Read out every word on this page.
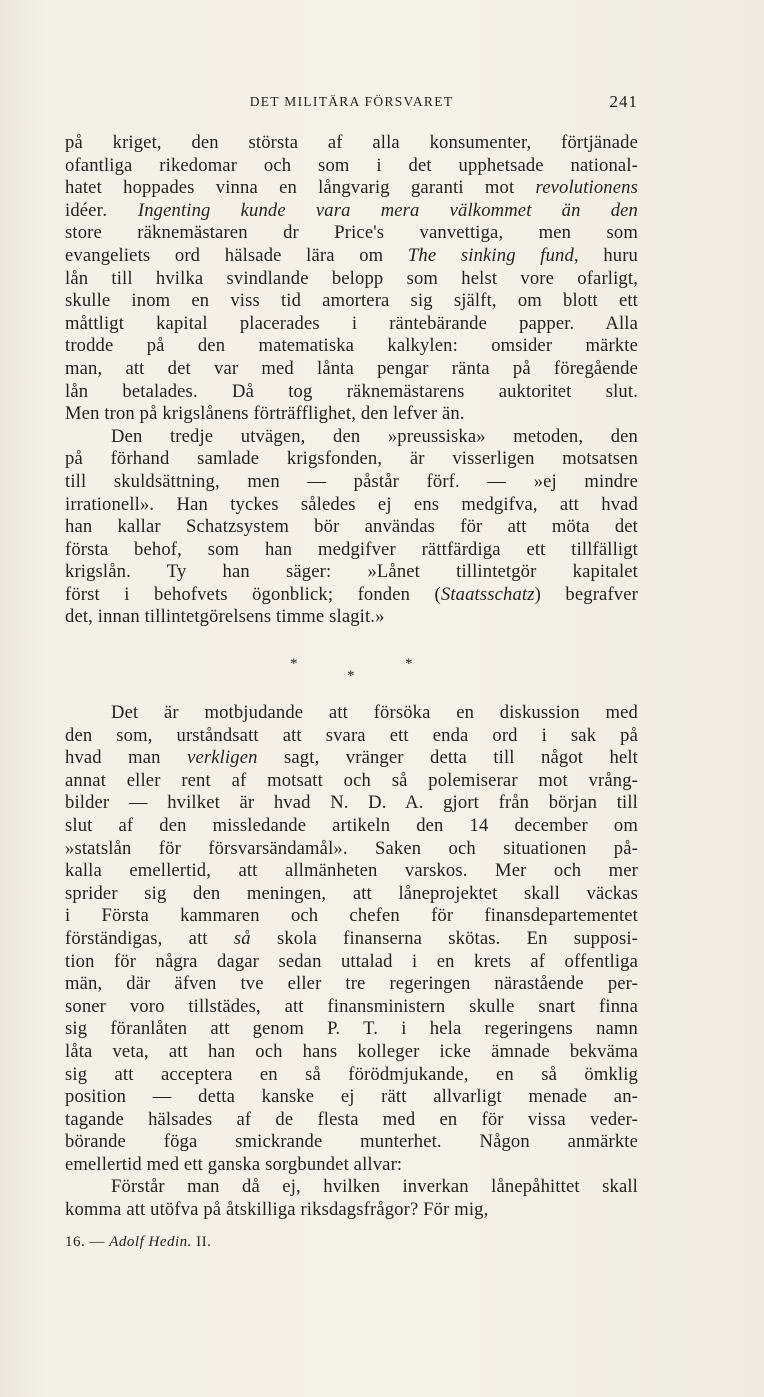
DET MILITÄRA FÖRSVARET	241
på kriget, den största af alla konsumenter, förtjänade
ofantliga rikedomar och som i det upphetsade national-
hatet hoppades vinna en långvarig garanti mot revolutionens
idéer. Ingenting kunde vara mera välkommet än den
store räknemästaren dr Price's vanvettiga, men som
evangeliets ord hälsade lära om The sinking fund, huru
lån till hvilka svindlande belopp som helst vore ofarligt,
skulle inom en viss tid amortera sig själft, om blott ett
måttligt kapital placerades i räntebärande papper. Alla
trodde på den matematiska kalkylen: omsider märkte
man, att det var med lånta pengar ränta på föregående
lån betalades. Då tog räknemästarens auktoritet slut.
Men tron på krigslånens förträfflighet, den lefver än.
Den tredje utvägen, den »preussiska» metoden, den
på förhand samlade krigsfonden, är visserligen motsatsen
till skuldsättning, men — påstår förf. — »ej mindre
irrationell». Han tyckes således ej ens medgifva, att hvad
han kallar Schatzsystem bör användas för att möta det
första behof, som han medgifver rättfärdiga ett tillfälligt
krigslån. Ty han säger: »Lånet tillintetgör kapitalet
först i behofvets ögonblick; fonden (Staatsschatz) begrafver
det, innan tillintetgörelsens timme slagit.»
*	*
*
Det är motbjudande att försöka en diskussion med
den som, urståndsatt att svara ett enda ord i sak på
hvad man verkligen sagt, vränger detta till något helt
annat eller rent af motsatt och så polemiserar mot vrång-
bilder — hvilket är hvad N. D. A. gjort från början till
slut af den missledande artikeln den 14 december om
»statslån för försvarsändamål». Saken och situationen på-
kalla emellertid, att allmänheten varskos. Mer och mer
sprider sig den meningen, att låneprojektet skall väckas
i Första kammaren och chefen för finansdepartementet
förständigas, att så skola finanserna skötas. En supposi-
tion för några dagar sedan uttalad i en krets af offentliga
män, där äfven tve eller tre regeringen närastående per-
soner voro tillstädes, att finansministern skulle snart finna
sig föranlåten att genom P. T. i hela regeringens namn
låta veta, att han och hans kolleger icke ämnade bekväma
sig att acceptera en så förödmjukande, en så ömklig
position — detta kanske ej rätt allvarligt menade an-
tagande hälsades af de flesta med en för vissa veder-
börande föga smickrande munterhet. Någon anmärkte
emellertid med ett ganska sorgbundet allvar:
Förstår man då ej, hvilken inverkan lånepåhittet skall
komma att utöfva på åtskilliga riksdagsfrågor? För mig,
16. — Adolf Hedin. II.
